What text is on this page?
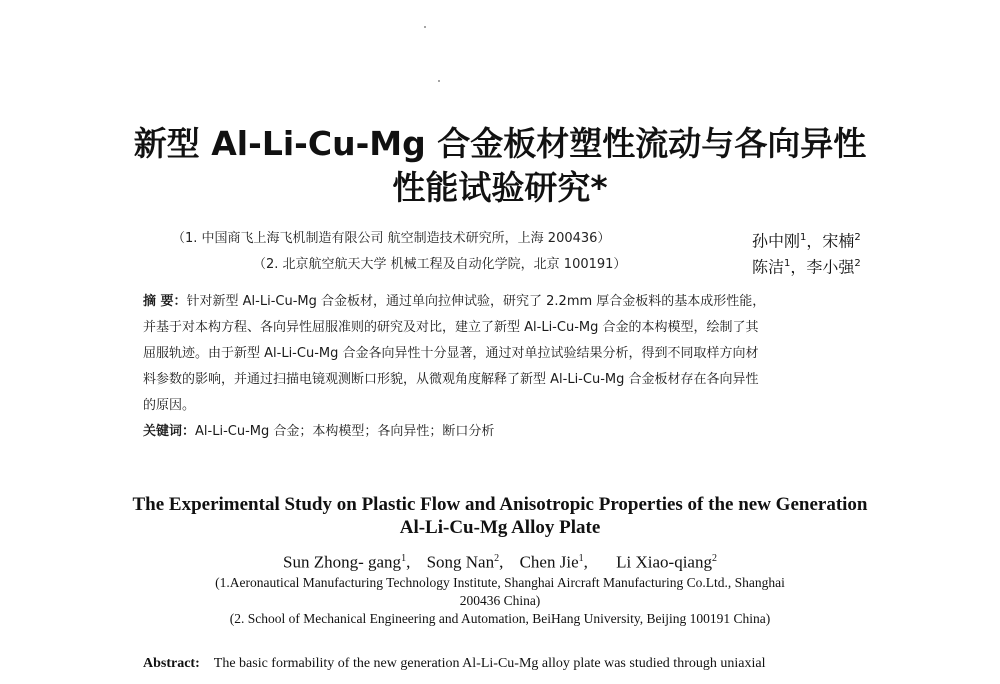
新型 Al-Li-Cu-Mg 合金板材塑性流动与各向异性
性能试验研究*
（1. 中国商飞上海飞机制造有限公司 航空制造技术研究所，上海 200436）	孙中刚$^1$，宋楠$^2$
（2. 北京航空航天大学 机械工程及自动化学院，北京 100191）	陈洁$^1$，李小强$^2$
摘 要：针对新型 Al-Li-Cu-Mg 合金板材，通过单向拉伸试验，研究了 2.2mm 厚合金板料的基本成形性能，
并基于对本构方程、各向异性屈服准则的研究及对比，建立了新型 Al-Li-Cu-Mg 合金的本构模型，绘制了其
屈服轨迹。由于新型 Al-Li-Cu-Mg 合金各向异性十分显著，通过对单拉试验结果分析，得到不同取样方向材
料参数的影响，并通过扫描电镜观测断口形貌，从微观角度解释了新型 Al-Li-Cu-Mg 合金板材存在各向异性
的原因。
关键词：Al-Li-Cu-Mg 合金；本构模型；各向异性；断口分析
The Experimental Study on Plastic Flow and Anisotropic Properties of the new Generation
Al-Li-Cu-Mg Alloy Plate
Sun Zhong- gang$^1$, Song Nan$^2$, Chen Jie$^1$, Li Xiao-qiang$^2$
(1.Aeronautical Manufacturing Technology Institute, Shanghai Aircraft Manufacturing Co.Ltd., Shanghai
200436 China)
(2. School of Mechanical Engineering and Automation, BeiHang University, Beijing 100191 China)
Abstract: The basic formability of the new generation Al-Li-Cu-Mg alloy plate was studied through uniaxial
